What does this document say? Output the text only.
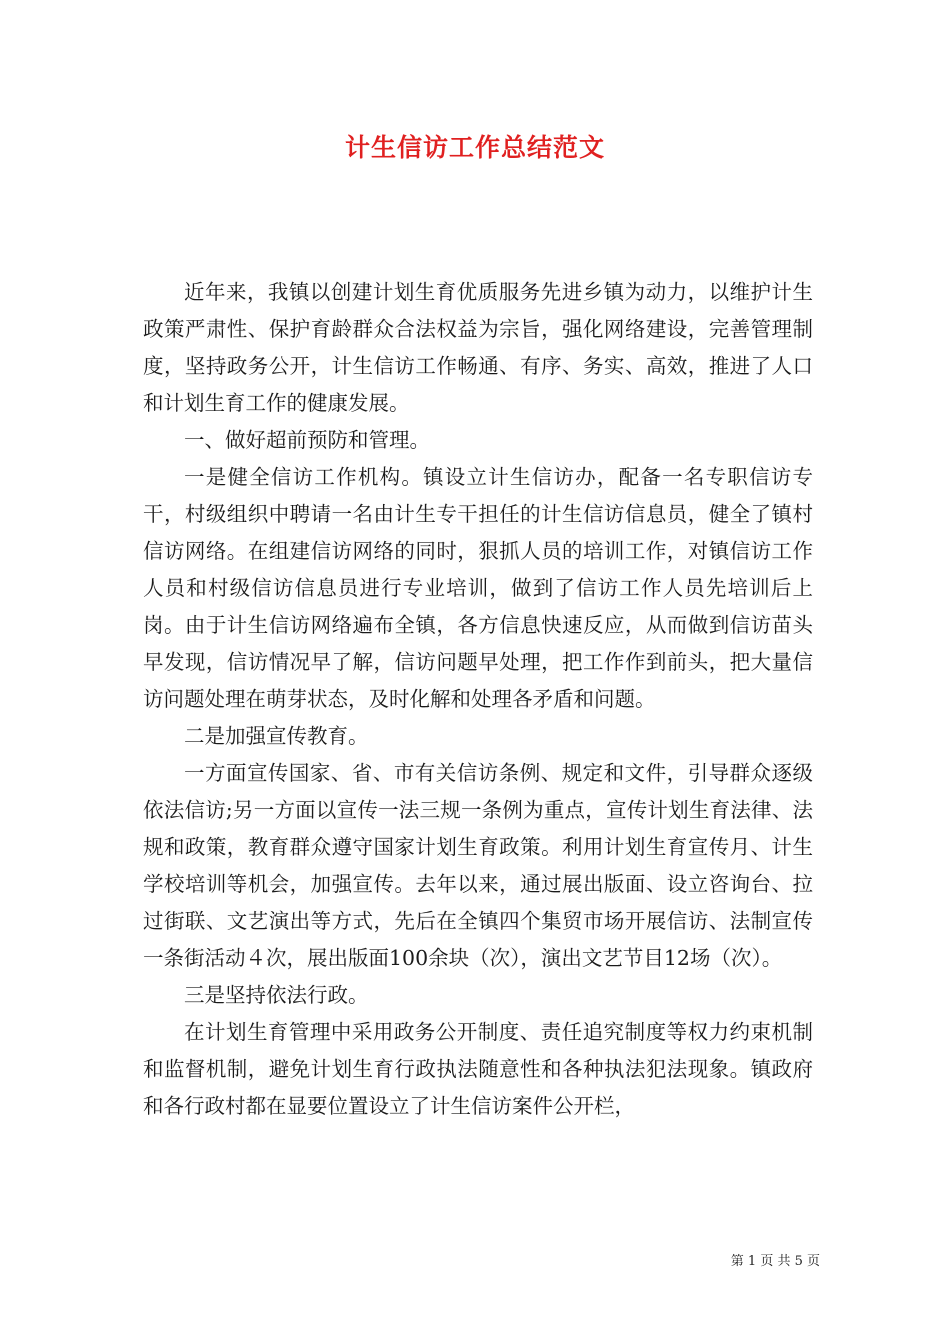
计生信访工作总结范文

近年来，我镇以创建计划生育优质服务先进乡镇为动力，以维护计生政策严肃性、保护育龄群众合法权益为宗旨，强化网络建设，完善管理制度，坚持政务公开，计生信访工作畅通、有序、务实、高效，推进了人口和计划生育工作的健康发展。

一、做好超前预防和管理。

一是健全信访工作机构。镇设立计生信访办，配备一名专职信访专干，村级组织中聘请一名由计生专干担任的计生信访信息员，健全了镇村信访网络。在组建信访网络的同时，狠抓人员的培训工作，对镇信访工作人员和村级信访信息员进行专业培训，做到了信访工作人员先培训后上岗。由于计生信访网络遍布全镇，各方信息快速反应，从而做到信访苗头早发现，信访情况早了解，信访问题早处理，把工作作到前头，把大量信访问题处理在萌芽状态，及时化解和处理各矛盾和问题。

二是加强宣传教育。

一方面宣传国家、省、市有关信访条例、规定和文件，引导群众逐级依法信访;另一方面以宣传一法三规一条例为重点，宣传计划生育法律、法规和政策，教育群众遵守国家计划生育政策。利用计划生育宣传月、计生学校培训等机会，加强宣传。去年以来，通过展出版面、设立咨询台、拉过街联、文艺演出等方式，先后在全镇四个集贸市场开展信访、法制宣传一条街活动４次，展出版面100余块（次），演出文艺节目12场（次）。

三是坚持依法行政。

在计划生育管理中采用政务公开制度、责任追究制度等权力约束机制和监督机制，避免计划生育行政执法随意性和各种执法犯法现象。镇政府和各行政村都在显要位置设立了计生信访案件公开栏，

第 1 页 共 5 页
